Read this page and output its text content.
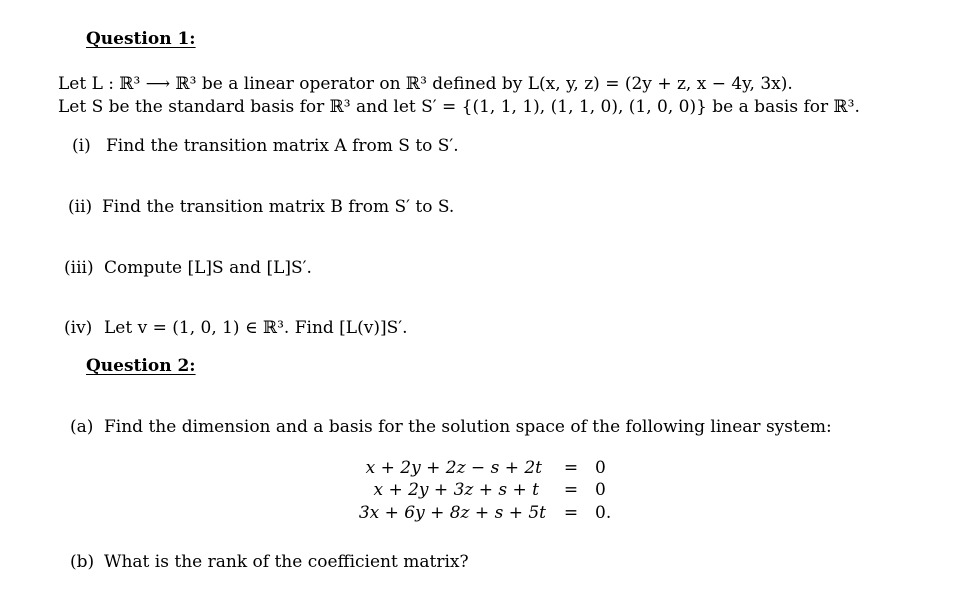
Question 1:
Let L : ℝ³ ⟶ ℝ³ be a linear operator on ℝ³ defined by L(x, y, z) = (2y + z, x − 4y, 3x).
Let S be the standard basis for ℝ³ and let S′ = {(1, 1, 1), (1, 1, 0), (1, 0, 0)} be a basis for ℝ³.
(i) Find the transition matrix A from S to S′.
(ii) Find the transition matrix B from S′ to S.
(iii) Compute [L]S and [L]S′.
(iv) Let v = (1, 0, 1) ∈ ℝ³. Find [L(v)]S′.
Question 2:
(a) Find the dimension and a basis for the solution space of the following linear system:
x + 2y + 2z − s + 2t = 0
x + 2y + 3z + s + t = 0
3x + 6y + 8z + s + 5t = 0.
(b) What is the rank of the coefficient matrix?
